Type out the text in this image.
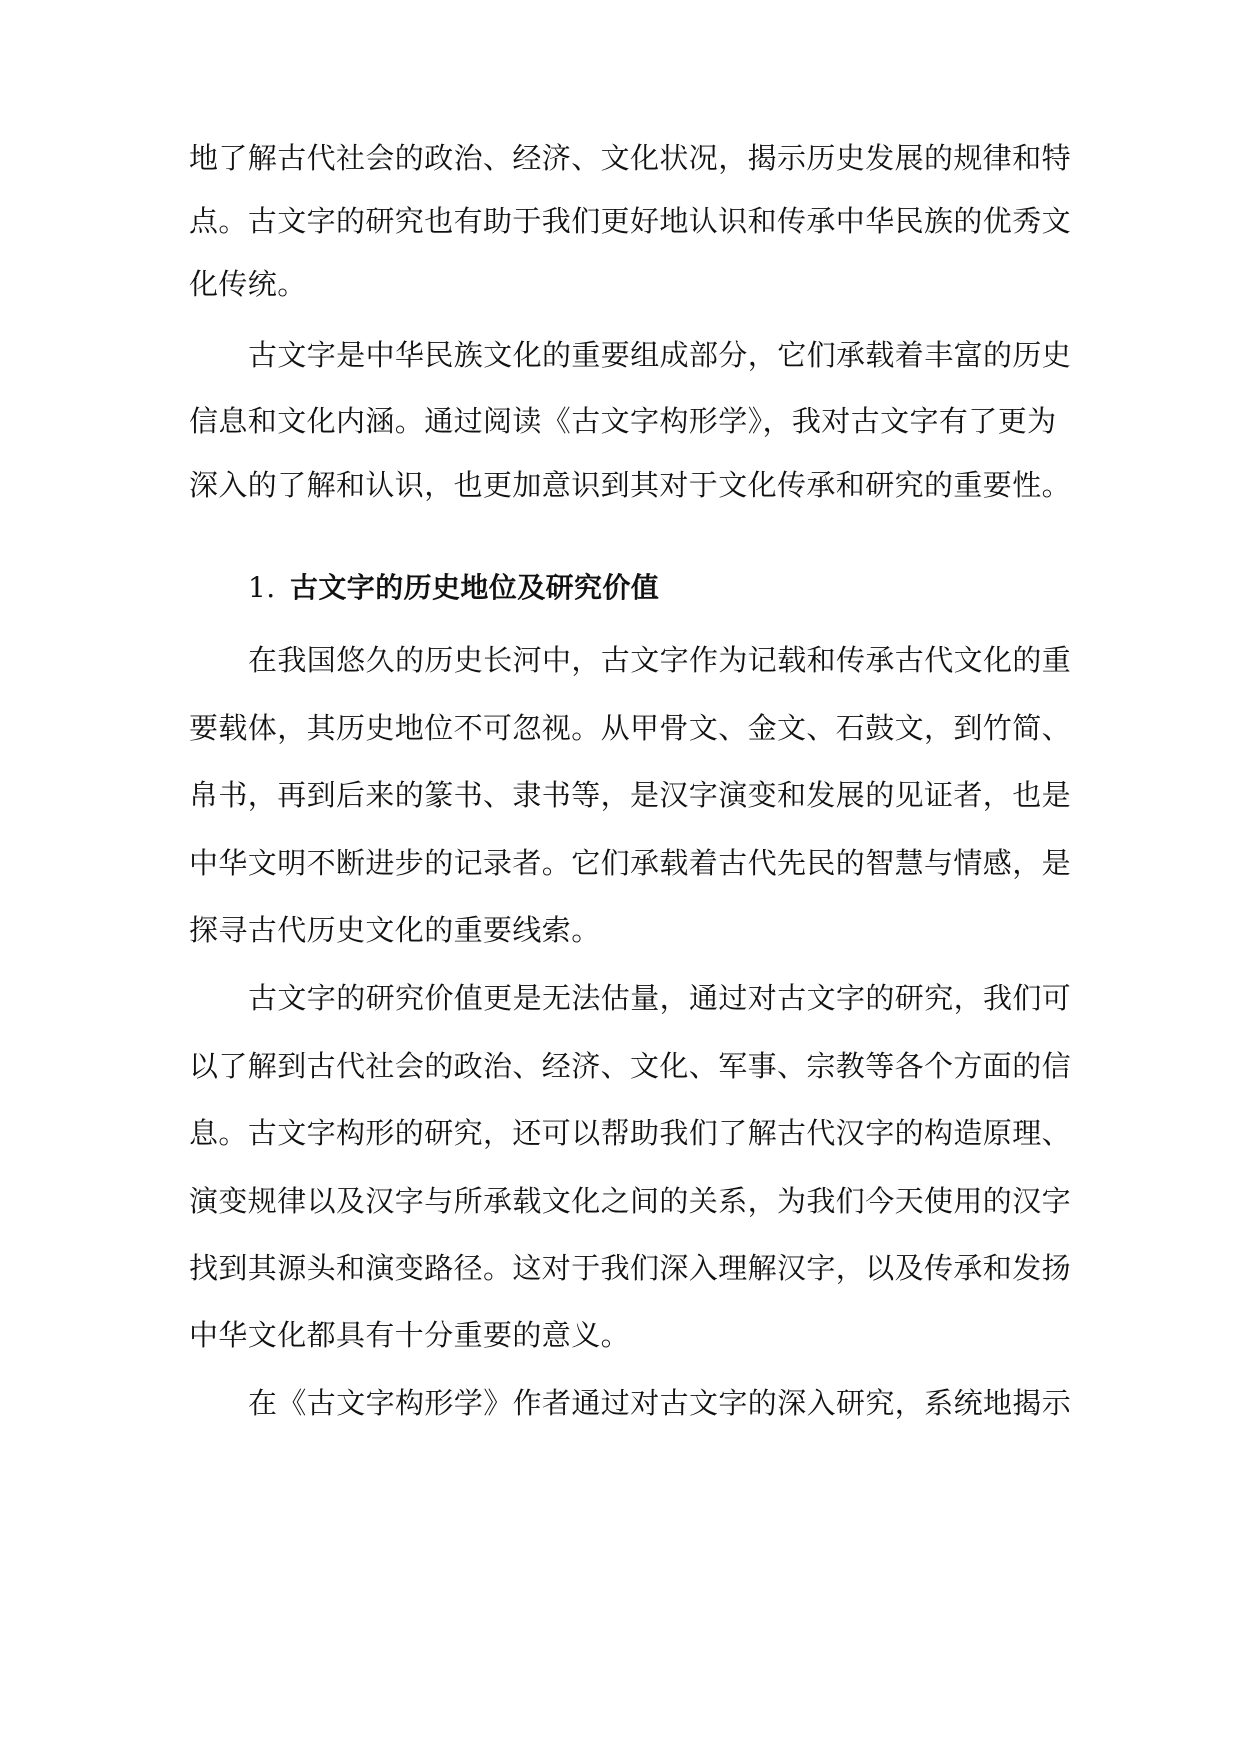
地了解古代社会的政治、经济、文化状况，揭示历史发展的规律和特
点。古文字的研究也有助于我们更好地认识和传承中华民族的优秀文
化传统。
古文字是中华民族文化的重要组成部分，它们承载着丰富的历史
信息和文化内涵。通过阅读《古文字构形学》，我对古文字有了更为
深入的了解和认识，也更加意识到其对于文化传承和研究的重要性。
1. 古文字的历史地位及研究价值
在我国悠久的历史长河中，古文字作为记载和传承古代文化的重
要载体，其历史地位不可忽视。从甲骨文、金文、石鼓文，到竹简、
帛书，再到后来的篆书、隶书等，是汉字演变和发展的见证者，也是
中华文明不断进步的记录者。它们承载着古代先民的智慧与情感，是
探寻古代历史文化的重要线索。
古文字的研究价值更是无法估量，通过对古文字的研究，我们可
以了解到古代社会的政治、经济、文化、军事、宗教等各个方面的信
息。古文字构形的研究，还可以帮助我们了解古代汉字的构造原理、
演变规律以及汉字与所承载文化之间的关系，为我们今天使用的汉字
找到其源头和演变路径。这对于我们深入理解汉字，以及传承和发扬
中华文化都具有十分重要的意义。
在《古文字构形学》作者通过对古文字的深入研究，系统地揭示
